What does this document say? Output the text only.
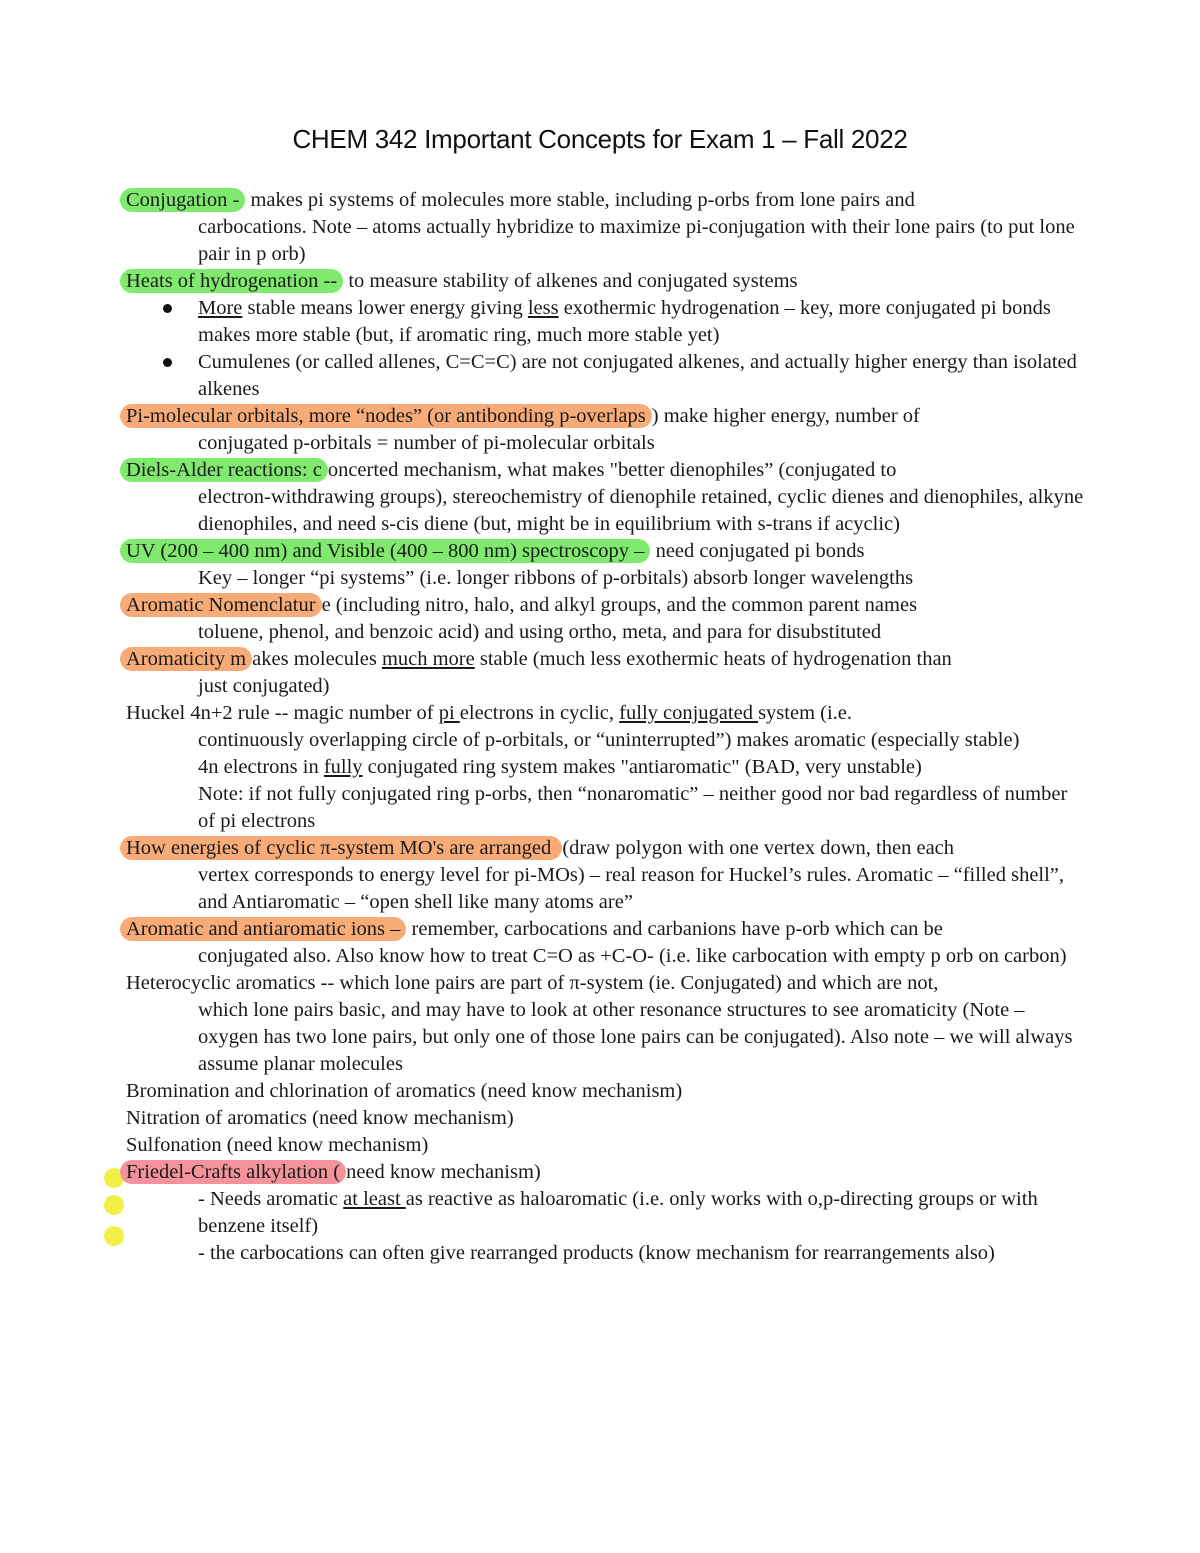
CHEM 342 Important Concepts for Exam 1 – Fall 2022
Conjugation - makes pi systems of molecules more stable, including p-orbs from lone pairs and
carbocations. Note – atoms actually hybridize to maximize pi-conjugation with their lone pairs (to put lone pair in p orb)
Heats of hydrogenation -- to measure stability of alkenes and conjugated systems
More stable means lower energy giving less exothermic hydrogenation – key, more conjugated pi bonds makes more stable (but, if aromatic ring, much more stable yet)
Cumulenes (or called allenes, C=C=C) are not conjugated alkenes, and actually higher energy than isolated alkenes
Pi-molecular orbitals, more “nodes” (or antibonding p-overlaps ) make higher energy, number of
conjugated p-orbitals = number of pi-molecular orbitals
Diels-Alder reactions: c oncerted mechanism, what makes "better dienophiles” (conjugated to
electron-withdrawing groups), stereochemistry of dienophile retained, cyclic dienes and dienophiles, alkyne dienophiles, and need s-cis diene (but, might be in equilibrium with s-trans if acyclic)
UV (200 – 400 nm) and Visible (400 – 800 nm) spectroscopy – need conjugated pi bonds
Key – longer “pi systems” (i.e. longer ribbons of p-orbitals) absorb longer wavelengths
Aromatic Nomenclatur e (including nitro, halo, and alkyl groups, and the common parent names
toluene, phenol, and benzoic acid) and using ortho, meta, and para for disubstituted
Aromaticity m akes molecules much more stable (much less exothermic heats of hydrogenation than
just conjugated)
Huckel 4n+2 rule -- magic number of pi electrons in cyclic, fully conjugated system (i.e.
continuously overlapping circle of p-orbitals, or “uninterrupted”) makes aromatic (especially stable)
4n electrons in fully conjugated ring system makes "antiaromatic" (BAD, very unstable)
Note: if not fully conjugated ring p-orbs, then “nonaromatic” – neither good nor bad regardless of number of pi electrons
How energies of cyclic π-system MO's are arranged (draw polygon with one vertex down, then each
vertex corresponds to energy level for pi-MOs) – real reason for Huckel’s rules. Aromatic – “filled shell”, and Antiaromatic – “open shell like many atoms are”
Aromatic and antiaromatic ions – remember, carbocations and carbanions have p-orb which can be
conjugated also. Also know how to treat C=O as +C-O- (i.e. like carbocation with empty p orb on carbon)
Heterocyclic aromatics -- which lone pairs are part of π-system (ie. Conjugated) and which are not,
which lone pairs basic, and may have to look at other resonance structures to see aromaticity (Note – oxygen has two lone pairs, but only one of those lone pairs can be conjugated). Also note – we will always assume planar molecules
Bromination and chlorination of aromatics (need know mechanism)
Nitration of aromatics (need know mechanism)
Sulfonation (need know mechanism)
Friedel-Crafts alkylation ( need know mechanism)
- Needs aromatic at least as reactive as haloaromatic (i.e. only works with o,p-directing groups or with benzene itself)
- the carbocations can often give rearranged products (know mechanism for rearrangements also)
